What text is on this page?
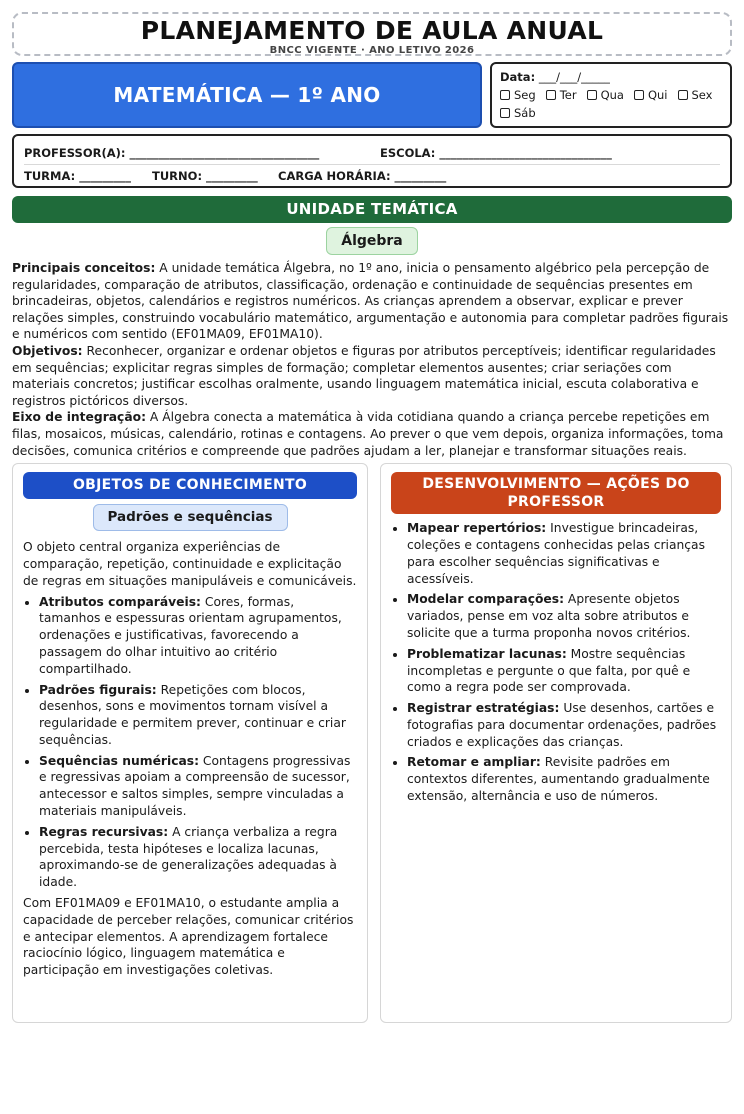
PLANEJAMENTO DE AULA ANUAL
BNCC VIGENTE · ANO LETIVO 2026
MATEMÁTICA — 1º ANO
Data: ___/___/_____
Seg Ter Qua Qui Sex
Sáb
PROFESSOR(A): _________________________________	ESCOLA: ______________________________
TURMA: _________	TURNO: _________	CARGA HORÁRIA: _________
UNIDADE TEMÁTICA
Álgebra

Principais conceitos: A unidade temática Álgebra, no 1º ano, inicia o pensamento algébrico pela percepção de regularidades, comparação de atributos, classificação, ordenação e continuidade de sequências presentes em brincadeiras, objetos, calendários e registros numéricos. As crianças aprendem a observar, explicar e prever relações simples, construindo vocabulário matemático, argumentação e autonomia para completar padrões figurais e numéricos com sentido (EF01MA09, EF01MA10).

Objetivos: Reconhecer, organizar e ordenar objetos e figuras por atributos perceptíveis; identificar regularidades em sequências; explicitar regras simples de formação; completar elementos ausentes; criar seriações com materiais concretos; justificar escolhas oralmente, usando linguagem matemática inicial, escuta colaborativa e registros pictóricos diversos.

Eixo de integração: A Álgebra conecta a matemática à vida cotidiana quando a criança percebe repetições em filas, mosaicos, músicas, calendário, rotinas e contagens. Ao prever o que vem depois, organiza informações, toma decisões, comunica critérios e compreende que padrões ajudam a ler, planejar e transformar situações reais.

OBJETOS DE CONHECIMENTO
Padrões e sequências

O objeto central organiza experiências de comparação, repetição, continuidade e explicitação de regras em situações manipuláveis e comunicáveis.

• Atributos comparáveis: Cores, formas, tamanhos e espessuras orientam agrupamentos, ordenações e justificativas, favorecendo a passagem do olhar intuitivo ao critério compartilhado.
• Padrões figurais: Repetições com blocos, desenhos, sons e movimentos tornam visível a regularidade e permitem prever, continuar e criar sequências.
• Sequências numéricas: Contagens progressivas e regressivas apoiam a compreensão de sucessor, antecessor e saltos simples, sempre vinculadas a materiais manipuláveis.
• Regras recursivas: A criança verbaliza a regra percebida, testa hipóteses e localiza lacunas, aproximando-se de generalizações adequadas à idade.

Com EF01MA09 e EF01MA10, o estudante amplia a capacidade de perceber relações, comunicar critérios e antecipar elementos. A aprendizagem fortalece raciocínio lógico, linguagem matemática e participação em investigações coletivas.

DESENVOLVIMENTO — AÇÕES DO PROFESSOR
• Mapear repertórios: Investigue brincadeiras, coleções e contagens conhecidas pelas crianças para escolher sequências significativas e acessíveis.
• Modelar comparações: Apresente objetos variados, pense em voz alta sobre atributos e solicite que a turma proponha novos critérios.
• Problematizar lacunas: Mostre sequências incompletas e pergunte o que falta, por quê e como a regra pode ser comprovada.
• Registrar estratégias: Use desenhos, cartões e fotografias para documentar ordenações, padrões criados e explicações das crianças.
• Retomar e ampliar: Revisite padrões em contextos diferentes, aumentando gradualmente extensão, alternância e uso de números.
